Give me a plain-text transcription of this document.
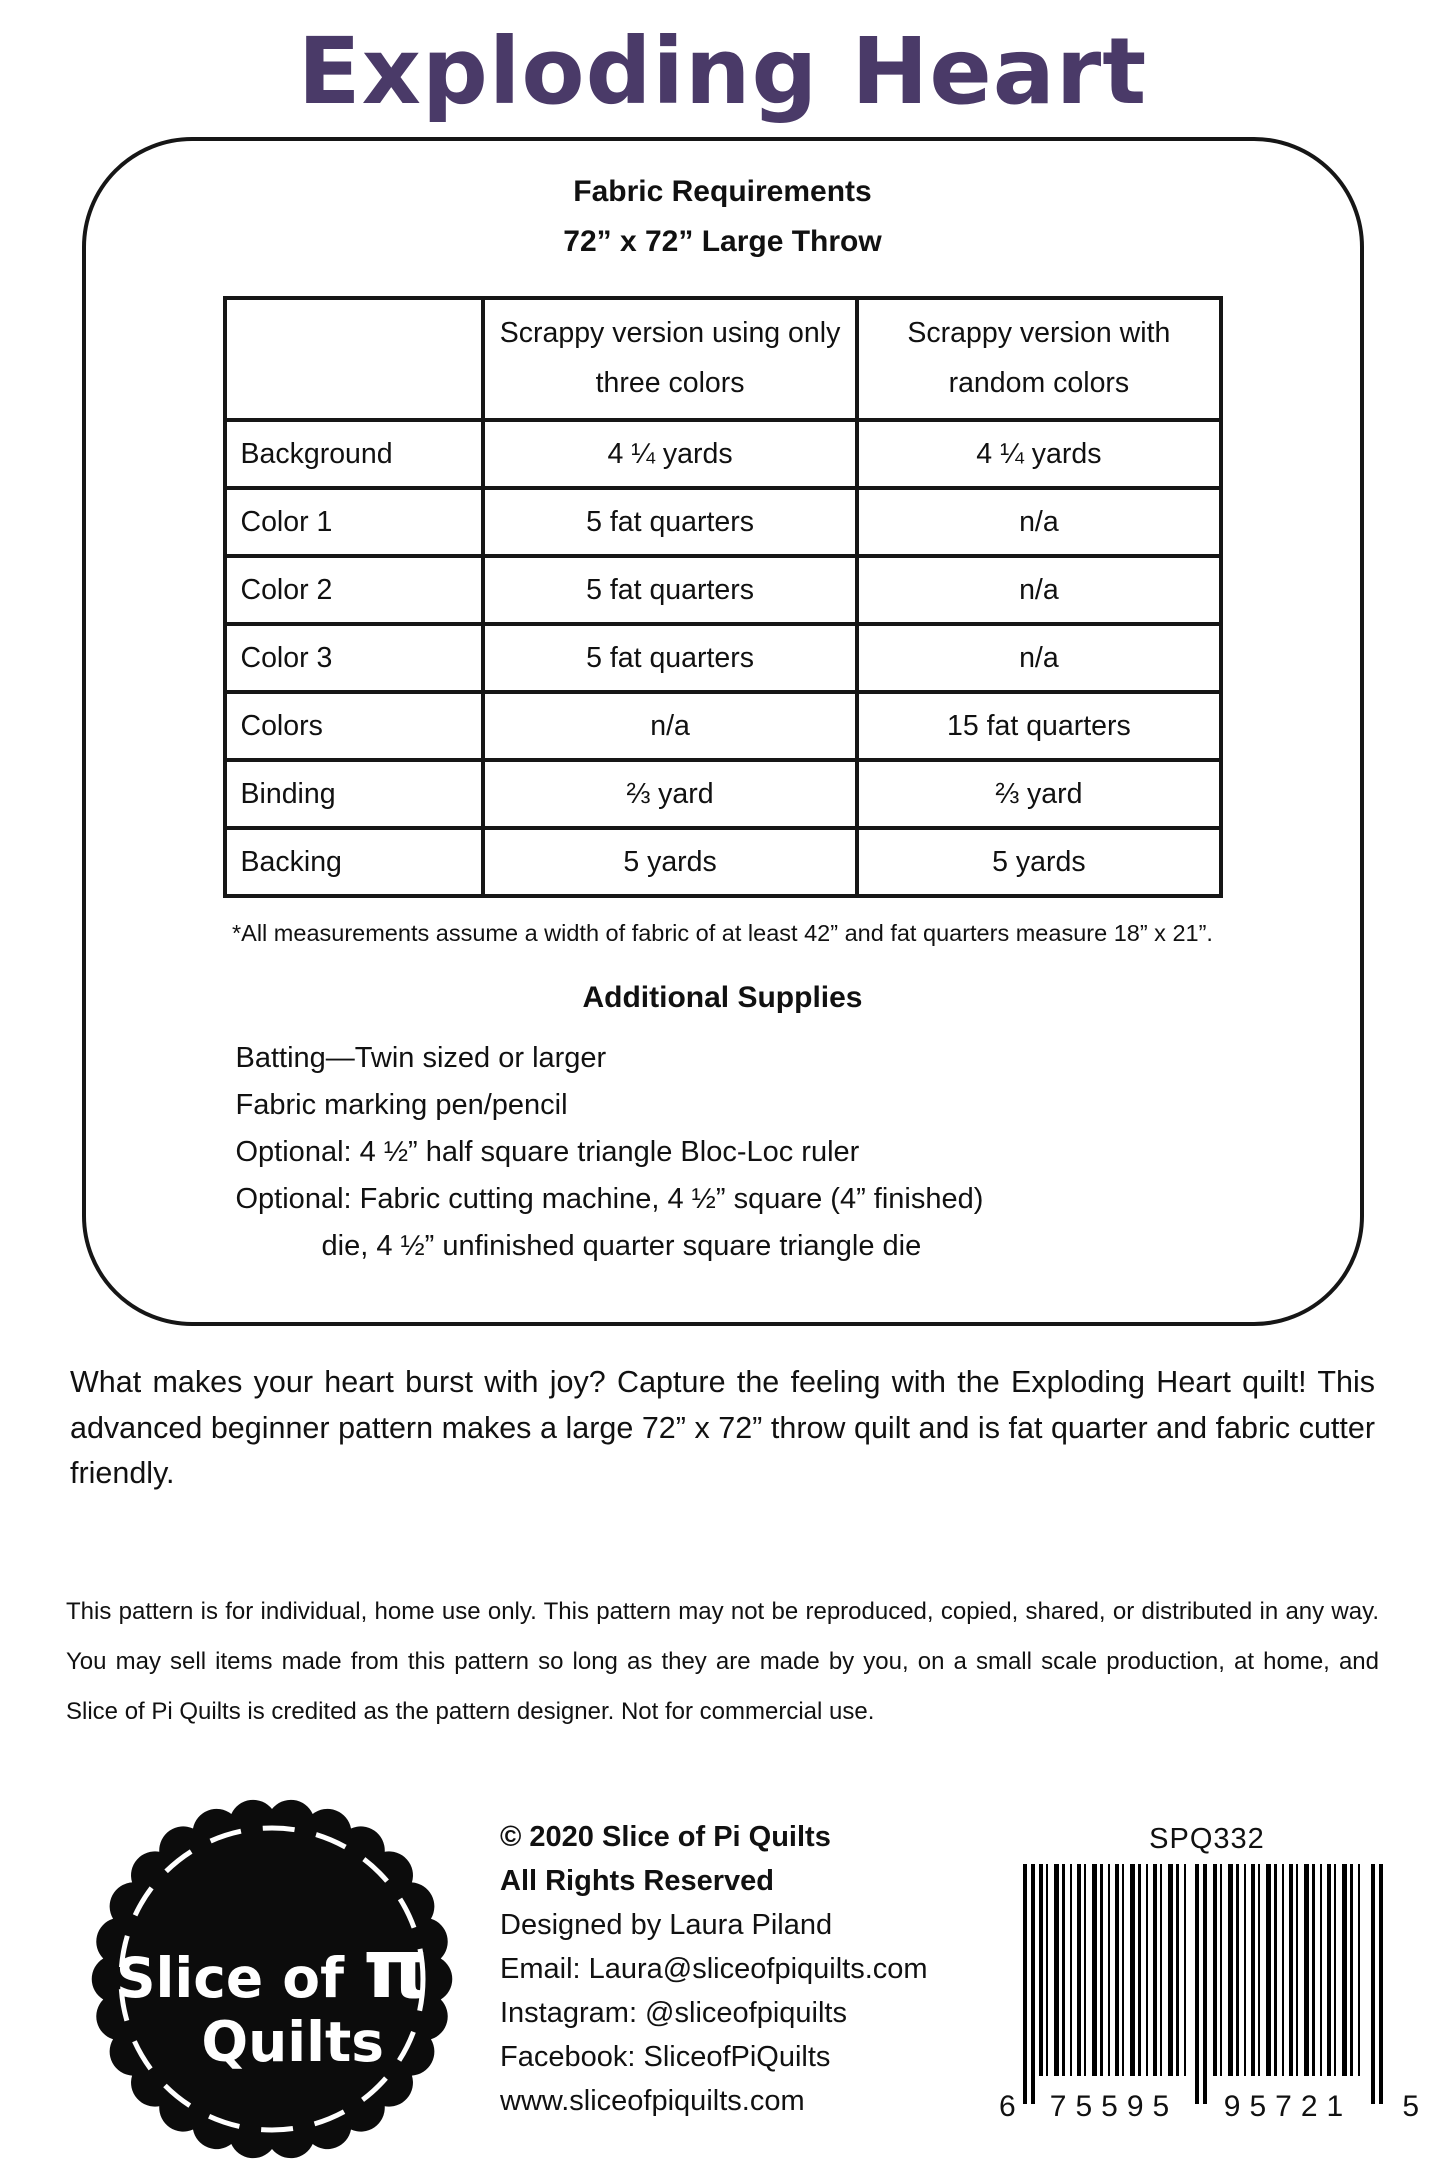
Exploding Heart
Fabric Requirements
72” x 72” Large Throw
	Scrappy version using only three colors	Scrappy version with random colors
Background	4 ¼ yards	4 ¼ yards
Color 1	5 fat quarters	n/a
Color 2	5 fat quarters	n/a
Color 3	5 fat quarters	n/a
Colors	n/a	15 fat quarters
Binding	⅔ yard	⅔ yard
Backing	5 yards	5 yards
*All measurements assume a width of fabric of at least 42” and fat quarters measure 18” x 21”.
Additional Supplies
Batting—Twin sized or larger
Fabric marking pen/pencil
Optional: 4 ½” half square triangle Bloc-Loc ruler
Optional: Fabric cutting machine, 4 ½” square (4” finished)
die, 4 ½” unfinished quarter square triangle die

What makes your heart burst with joy? Capture the feeling with the Exploding Heart quilt! This advanced beginner pattern makes a large 72” x 72” throw quilt and is fat quarter and fabric cutter friendly.

This pattern is for individual, home use only. This pattern may not be reproduced, copied, shared, or distributed in any way. You may sell items made from this pattern so long as they are made by you, on a small scale production, at home, and Slice of Pi Quilts is credited as the pattern designer. Not for commercial use.

Slice of π
Quilts
© 2020 Slice of Pi Quilts
All Rights Reserved
Designed by Laura Piland
Email: Laura@sliceofpiquilts.com
Instagram: @sliceofpiquilts
Facebook: SliceofPiQuilts
www.sliceofpiquilts.com
SPQ332
6	75595	95721	5
